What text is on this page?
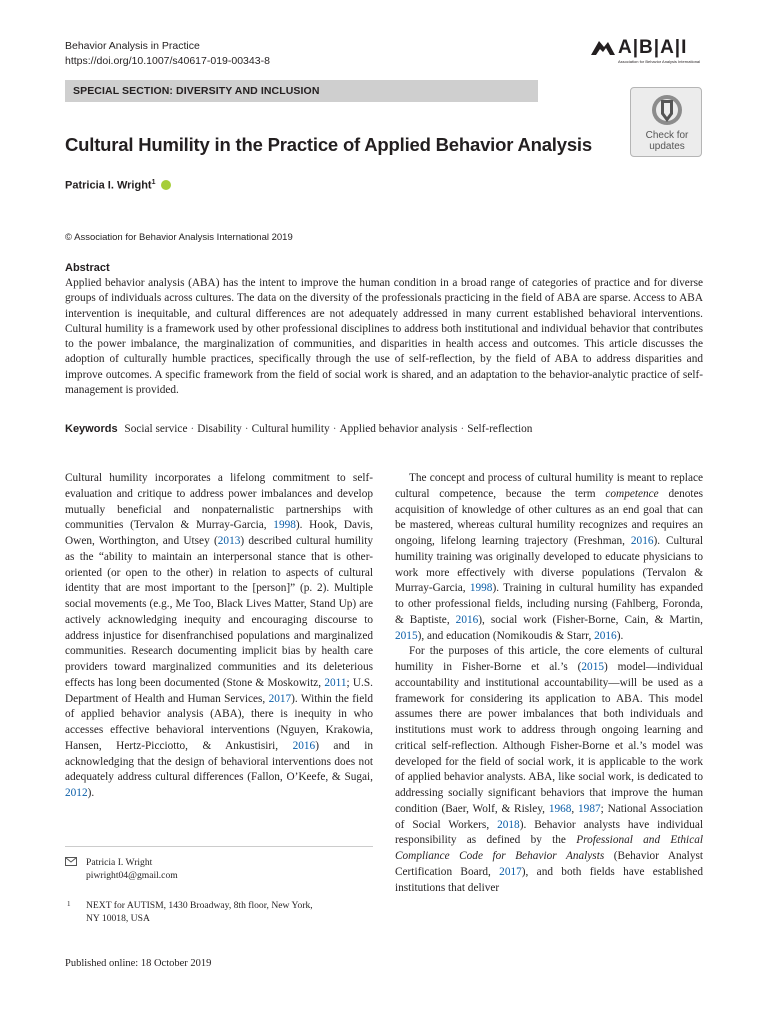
Behavior Analysis in Practice
https://doi.org/10.1007/s40617-019-00343-8
A|B|A|I
Association for Behavior Analysis International
SPECIAL SECTION: DIVERSITY AND INCLUSION
Check for
updates
Cultural Humility in the Practice of Applied Behavior Analysis
Patricia I. Wright$^1$
© Association for Behavior Analysis International 2019
Abstract
Applied behavior analysis (ABA) has the intent to improve the human condition in a broad range of categories of practice and for diverse groups of individuals across cultures. The data on the diversity of the professionals practicing in the field of ABA are sparse. Access to ABA intervention is inequitable, and cultural differences are not adequately addressed in many current established behavioral interventions. Cultural humility is a framework used by other professional disciplines to address both institutional and individual behavior that contributes to the power imbalance, the marginalization of communities, and disparities in health access and outcomes. This article discusses the adoption of culturally humble practices, specifically through the use of self-reflection, by the field of ABA to address disparities and improve outcomes. A specific framework from the field of social work is shared, and an adaptation to the behavior-analytic practice of self-management is provided.
Keywords Social service · Disability · Cultural humility · Applied behavior analysis · Self-reflection

Cultural humility incorporates a lifelong commitment to self-evaluation and critique to address power imbalances and develop mutually beneficial and nonpaternalistic partnerships with communities (Tervalon & Murray-Garcia, 1998). Hook, Davis, Owen, Worthington, and Utsey (2013) described cultural humility as the “ability to maintain an interpersonal stance that is other-oriented (or open to the other) in relation to aspects of cultural identity that are most important to the [person]” (p. 2). Multiple social movements (e.g., Me Too, Black Lives Matter, Stand Up) are actively acknowledging inequity and encouraging discourse to address injustice for disenfranchised populations and marginalized communities. Research documenting implicit bias by health care providers toward marginalized communities and its deleterious effects has long been documented (Stone & Moskowitz, 2011; U.S. Department of Health and Human Services, 2017). Within the field of applied behavior analysis (ABA), there is inequity in who accesses effective behavioral interventions (Nguyen, Krakowia, Hansen, Hertz-Picciotto, & Ankustisiri, 2016) and in acknowledging that the design of behavioral interventions does not adequately address cultural differences (Fallon, O’Keefe, & Sugai, 2012).

The concept and process of cultural humility is meant to replace cultural competence, because the term competence denotes acquisition of knowledge of other cultures as an end goal that can be mastered, whereas cultural humility recognizes and requires an ongoing, lifelong learning trajectory (Freshman, 2016). Cultural humility training was originally developed to educate physicians to work more effectively with diverse populations (Tervalon & Murray-Garcia, 1998). Training in cultural humility has expanded to other professional fields, including nursing (Fahlberg, Foronda, & Baptiste, 2016), social work (Fisher-Borne, Cain, & Martin, 2015), and education (Nomikoudis & Starr, 2016).

For the purposes of this article, the core elements of cultural humility in Fisher-Borne et al.’s (2015) model—individual accountability and institutional accountability—will be used as a framework for considering its application to ABA. This model assumes there are power imbalances that both individuals and institutions must work to address through ongoing learning and critical self-reflection. Although Fisher-Borne et al.’s model was developed for the field of social work, it is applicable to the work of applied behavior analysts. ABA, like social work, is dedicated to addressing socially significant behaviors that improve the human condition (Baer, Wolf, & Risley, 1968, 1987; National Association of Social Workers, 2018). Behavior analysts have individual responsibility as defined by the Professional and Ethical Compliance Code for Behavior Analysts (Behavior Analyst Certification Board, 2017), and both fields have established institutions that deliver

Patricia I. Wright
piwright04@gmail.com
1 NEXT for AUTISM, 1430 Broadway, 8th floor, New York, NY 10018, USA
Published online: 18 October 2019
